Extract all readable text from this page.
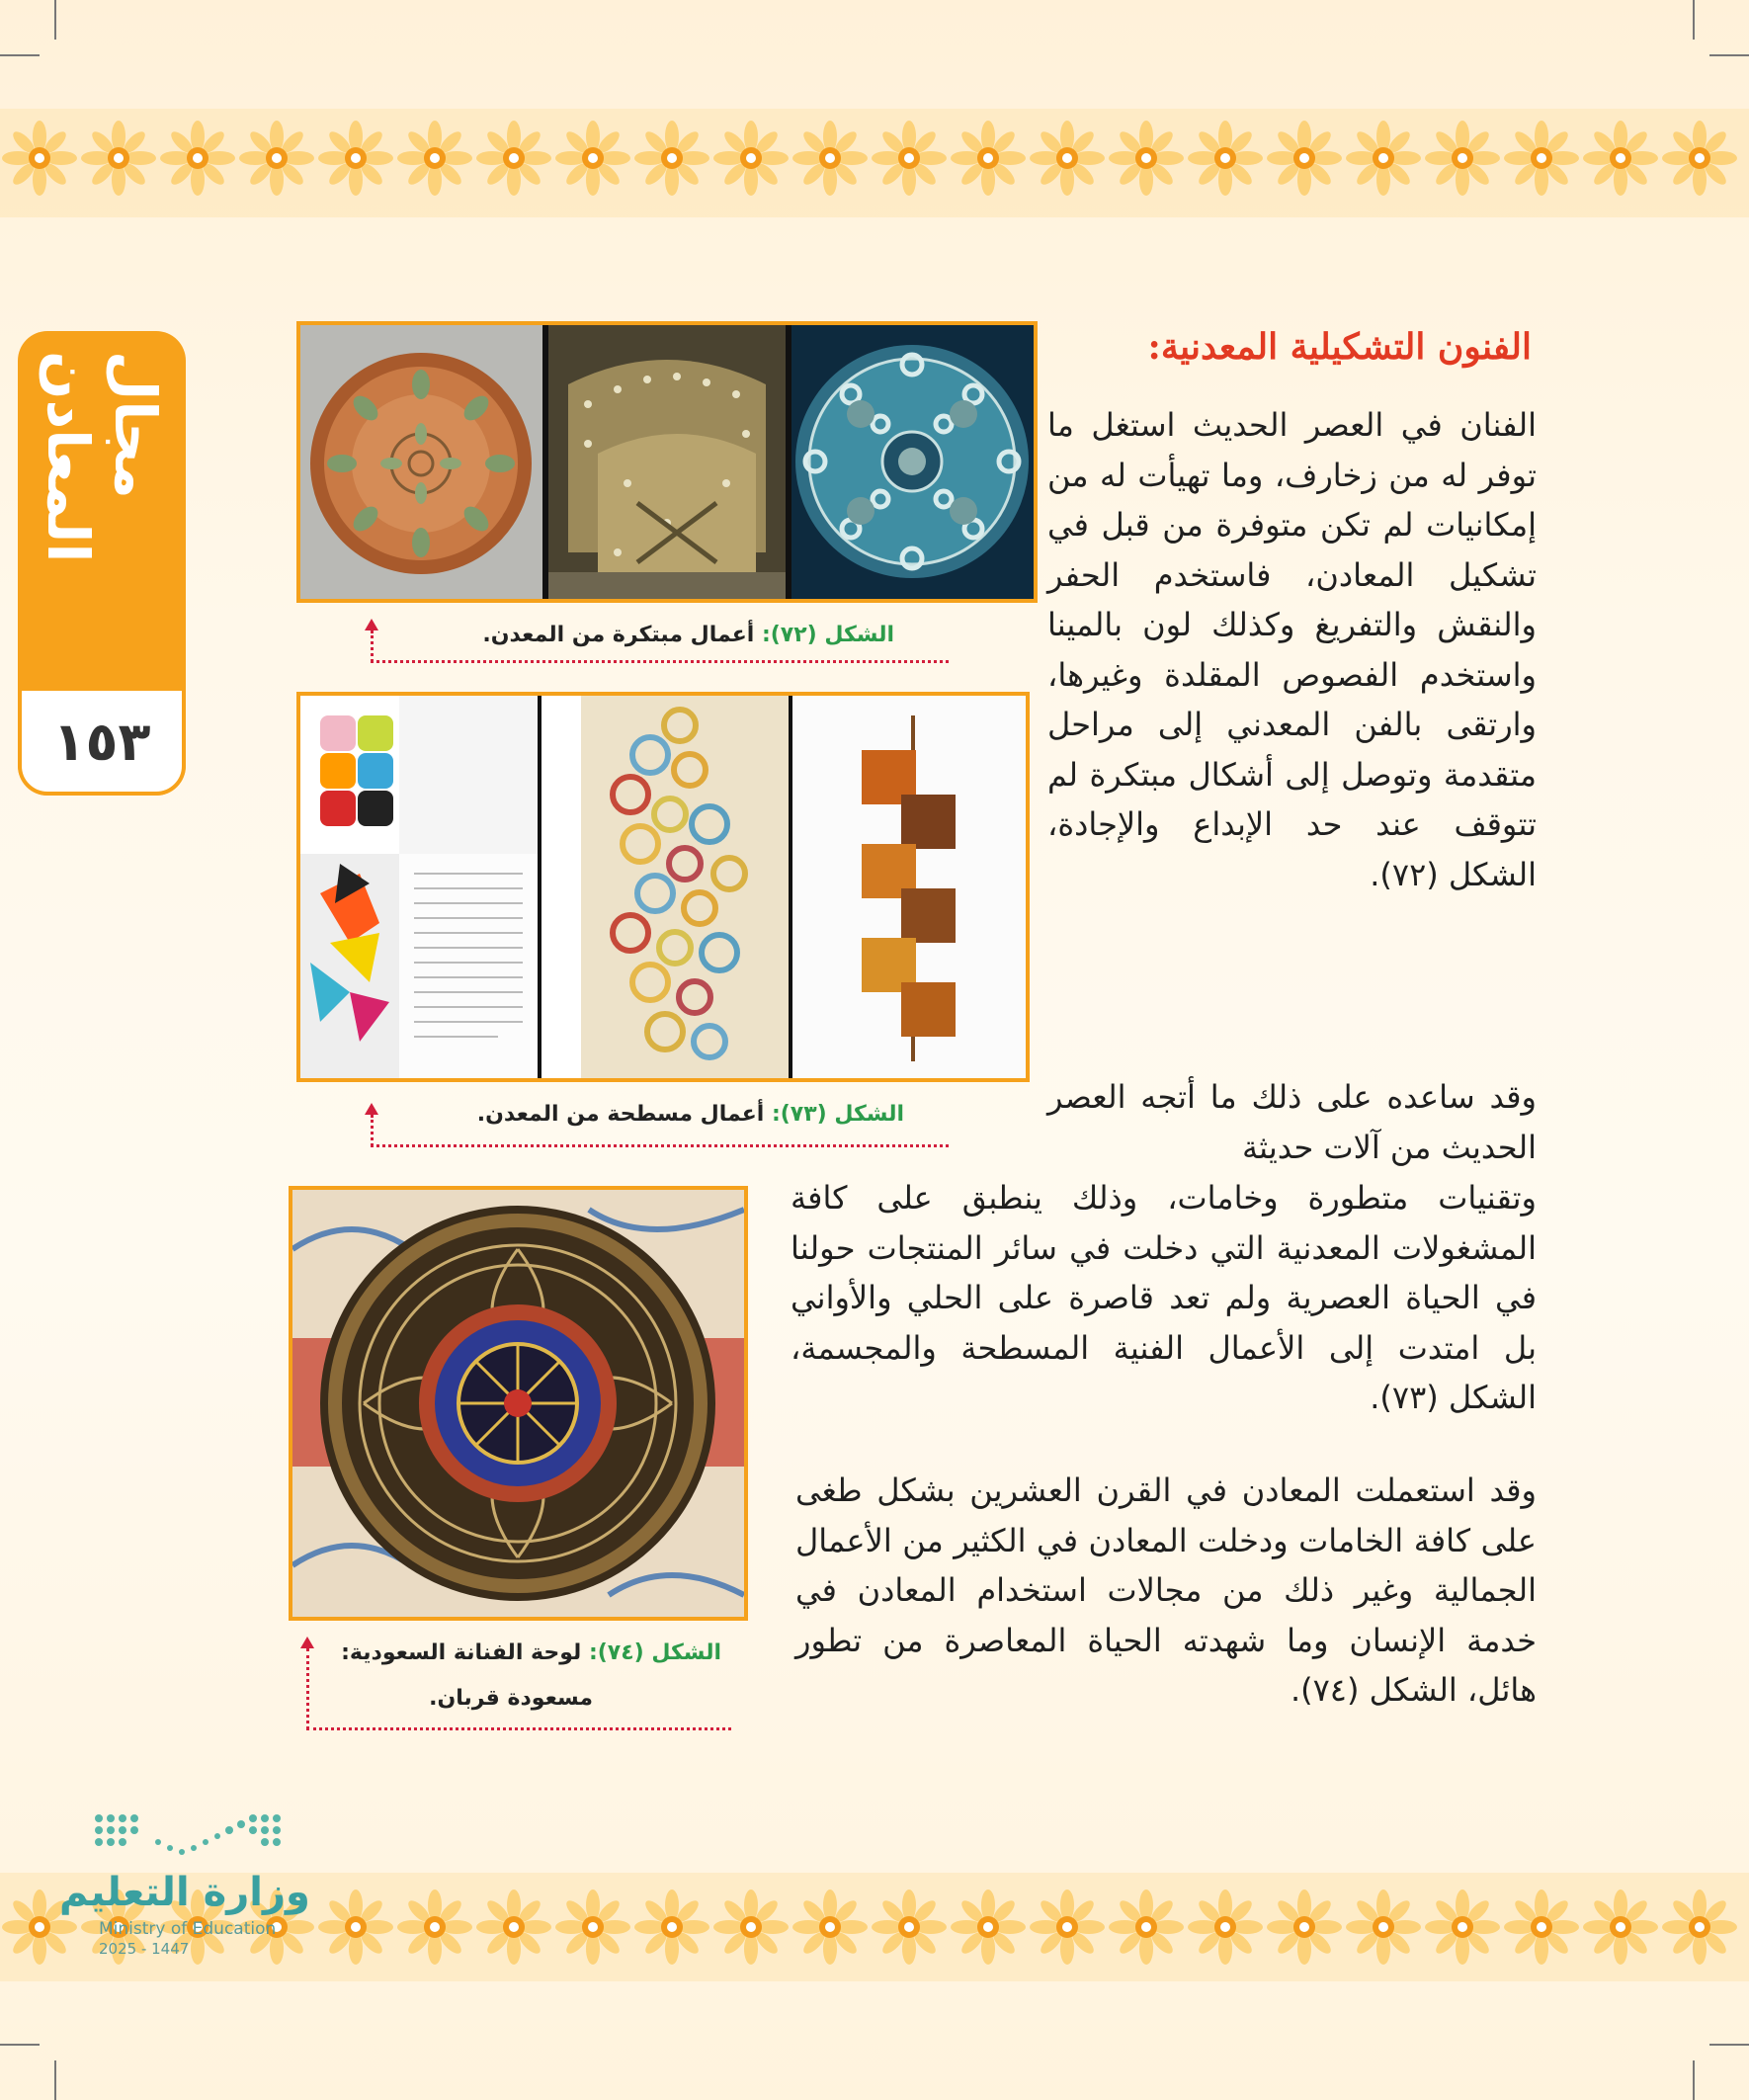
مجال المعادن
١٥٣
الشكل (٧٢): أعمال مبتكرة من المعدن.
الشكل (٧٣): أعمال مسطحة من المعدن.
الشكل (٧٤): لوحة الفنانة السعودية:
مسعودة قربان.
الفنون التشكيلية المعدنية:

الفنان في العصر الحديث استغل ما توفر له من زخارف، وما تهيأت له من إمكانيات لم تكن متوفرة من قبل في تشكيل المعادن، فاستخدم الحفر والنقش والتفريغ وكذلك لون بالمينا واستخدم الفصوص المقلدة وغيرها، وارتقى بالفن المعدني إلى مراحل متقدمة وتوصل إلى أشكال مبتكرة لم تتوقف عند حد الإبداع والإجادة، الشكل (٧٢).

وقد ساعده على ذلك ما أتجه العصر الحديث من آلات حديثة

وتقنيات متطورة وخامات، وذلك ينطبق على كافة المشغولات المعدنية التي دخلت في سائر المنتجات حولنا في الحياة العصرية ولم تعد قاصرة على الحلي والأواني بل امتدت إلى الأعمال الفنية المسطحة والمجسمة، الشكل (٧٣).

وقد استعملت المعادن في القرن العشرين بشكل طغى على كافة الخامات ودخلت المعادن في الكثير من الأعمال الجمالية وغير ذلك من مجالات استخدام المعادن في خدمة الإنسان وما شهدته الحياة المعاصرة من تطور هائل، الشكل (٧٤).

وزارة التعليم
Ministry of Education
2025 - 1447
